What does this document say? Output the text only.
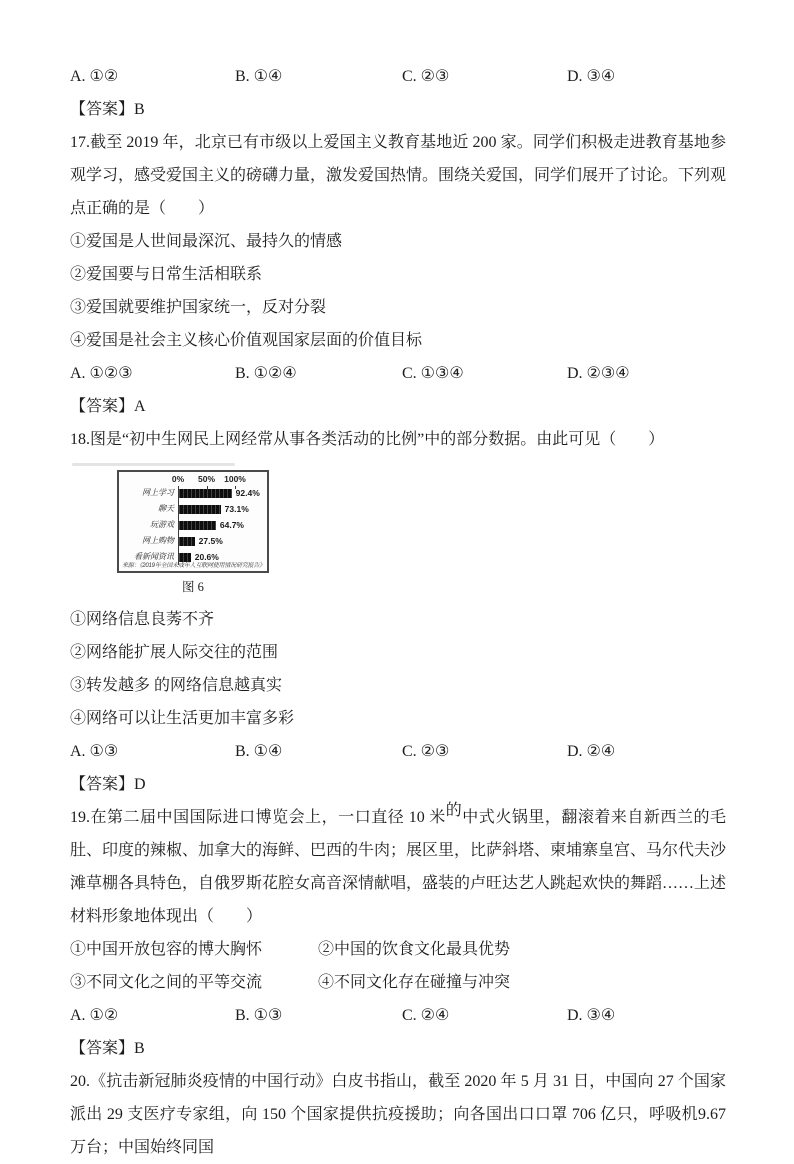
A. ①②	B. ①④	C. ②③	D. ③④

【答案】B

17.截至 2019 年，北京已有市级以上爱国主义教育基地近 200 家。同学们积极走进教育基地参观学习，感受爱国主义的磅礴力量，激发爱国热情。围绕关爱国，同学们展开了讨论。下列观点正确的是（　　）

①爱国是人世间最深沉、最持久的情感

②爱国要与日常生活相联系

③爱国就要维护国家统一，反对分裂

④爱国是社会主义核心价值观国家层面的价值目标

A. ①②③	B. ①②④	C. ①③④	D. ②③④

【答案】A

18.图是“初中生网民上网经常从事各类活动的比例”中的部分数据。由此可见（　　）

0% 50% 100%
网上学习	92.4%
聊天	73.1%
玩游戏	64.7%
网上购物	27.5%
看新闻资讯 20.6%
来源：《2019年全国未成年人互联网使用情况研究报告》
图 6

①网络信息良莠不齐

②网络能扩展人际交往的范围

③转发越多 的网络信息越真实

④网络可以让生活更加丰富多彩

A. ①③	B. ①④	C. ②③	D. ②④

【答案】D

19.在第二届中国国际进口博览会上，一口直径 10 米的中式火锅里，翻滚着来自新西兰的毛肚、印度的辣椒、加拿大的海鲜、巴西的牛肉；展区里，比萨斜塔、柬埔寨皇宫、马尔代夫沙滩草棚各具特色，自俄罗斯花腔女高音深情献唱，盛装的卢旺达艺人跳起欢快的舞蹈……上述材料形象地体现出（　　）

①中国开放包容的博大胸怀	②中国的饮食文化最具优势
③不同文化之间的平等交流	④不同文化存在碰撞与冲突
A. ①②	B. ①③	C. ②④	D. ③④

【答案】B

20.《抗击新冠肺炎疫情的中国行动》白皮书指山，截至 2020 年 5 月 31 日，中国向 27 个国家派出 29 支医疗专家组，向 150 个国家提供抗疫援助；向各国出口口罩 706 亿只，呼吸机9.67 万台；中国始终同国
